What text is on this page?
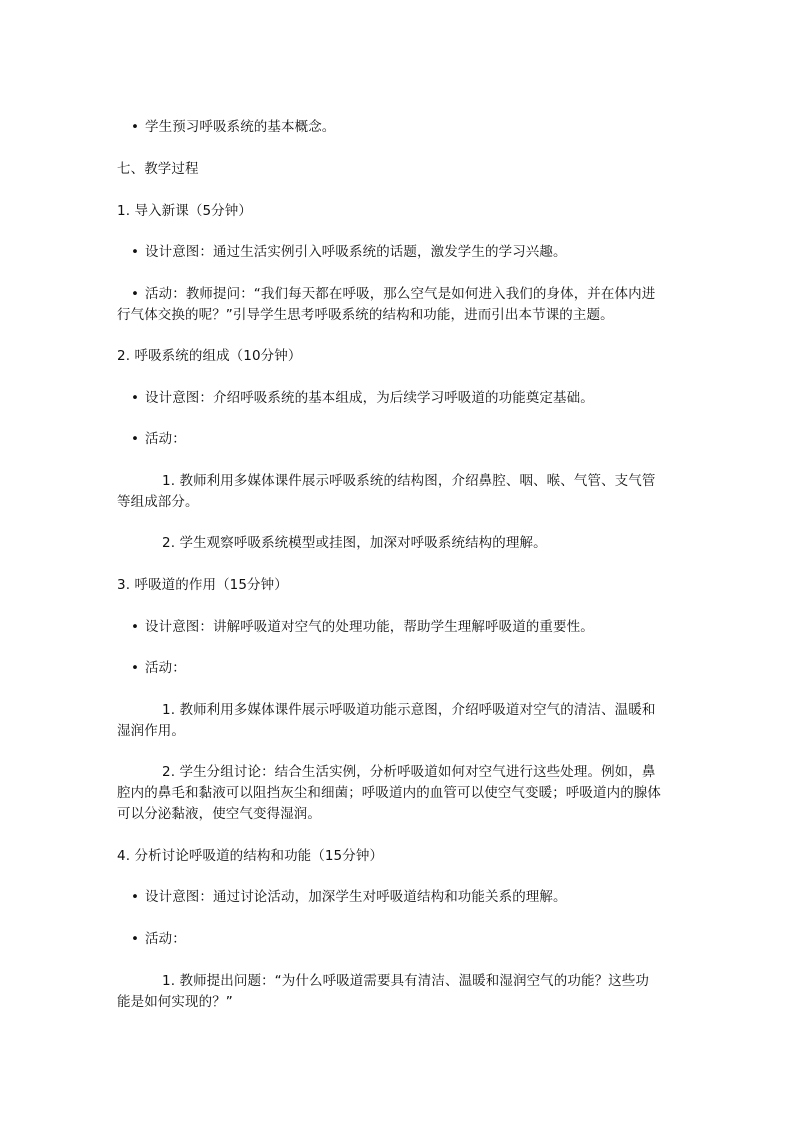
• 学生预习呼吸系统的基本概念。
七、教学过程
1. 导入新课（5分钟）
• 设计意图：通过生活实例引入呼吸系统的话题，激发学生的学习兴趣。
• 活动：教师提问：“我们每天都在呼吸，那么空气是如何进入我们的身体，并在体内进
行气体交换的呢？”引导学生思考呼吸系统的结构和功能，进而引出本节课的主题。
2. 呼吸系统的组成（10分钟）
• 设计意图：介绍呼吸系统的基本组成，为后续学习呼吸道的功能奠定基础。
• 活动：
1. 教师利用多媒体课件展示呼吸系统的结构图，介绍鼻腔、咽、喉、气管、支气管
等组成部分。
2. 学生观察呼吸系统模型或挂图，加深对呼吸系统结构的理解。
3. 呼吸道的作用（15分钟）
• 设计意图：讲解呼吸道对空气的处理功能，帮助学生理解呼吸道的重要性。
• 活动：
1. 教师利用多媒体课件展示呼吸道功能示意图，介绍呼吸道对空气的清洁、温暖和
湿润作用。
2. 学生分组讨论：结合生活实例，分析呼吸道如何对空气进行这些处理。例如，鼻
腔内的鼻毛和黏液可以阻挡灰尘和细菌；呼吸道内的血管可以使空气变暖；呼吸道内的腺体
可以分泌黏液，使空气变得湿润。
4. 分析讨论呼吸道的结构和功能（15分钟）
• 设计意图：通过讨论活动，加深学生对呼吸道结构和功能关系的理解。
• 活动：
1. 教师提出问题：“为什么呼吸道需要具有清洁、温暖和湿润空气的功能？这些功
能是如何实现的？”
